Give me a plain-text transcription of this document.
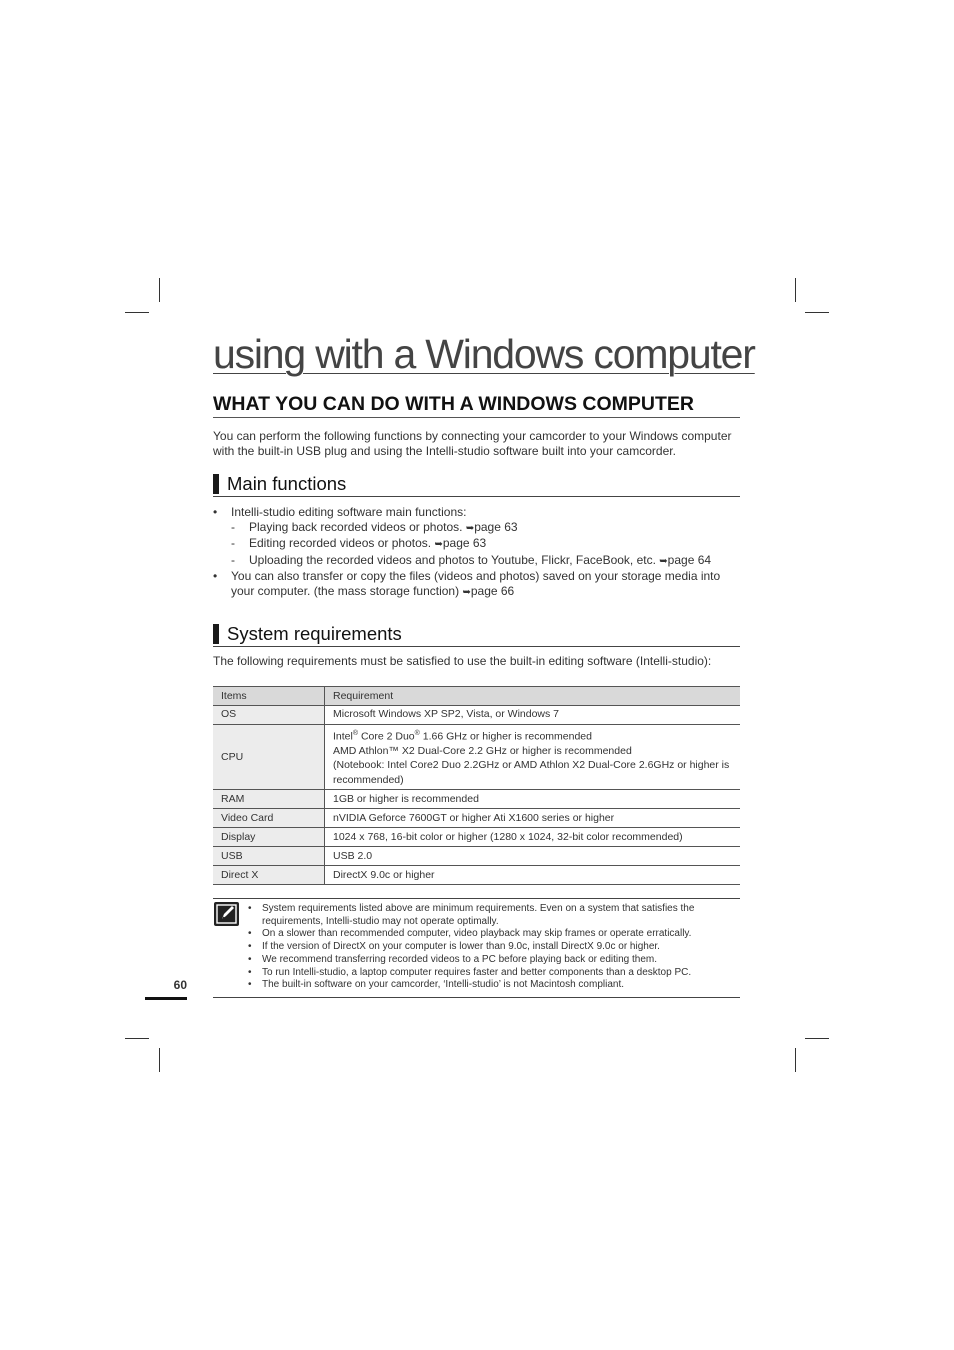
using with a Windows computer
WHAT YOU CAN DO WITH A WINDOWS COMPUTER

You can perform the following functions by connecting your camcorder to your Windows computer with the built-in USB plug and using the Intelli-studio software built into your camcorder.

Main functions
• Intelli-studio editing software main functions:
- Playing back recorded videos or photos. ➥page 63
- Editing recorded videos or photos. ➥page 63
- Uploading the recorded videos and photos to Youtube, Flickr, FaceBook, etc. ➥page 64
• You can also transfer or copy the files (videos and photos) saved on your storage media into your computer. (the mass storage function) ➥page 66
System requirements

The following requirements must be satisfied to use the built-in editing software (Intelli-studio):

Items	Requirement
OS	Microsoft Windows XP SP2, Vista, or Windows 7
CPU	Intel® Core 2 Duo® 1.66 GHz or higher is recommended
AMD Athlon™ X2 Dual-Core 2.2 GHz or higher is recommended
(Notebook: Intel Core2 Duo 2.2GHz or AMD Athlon X2 Dual-Core 2.6GHz or higher is recommended)

RAM	1GB or higher is recommended
Video Card	nVIDIA Geforce 7600GT or higher Ati X1600 series or higher
Display	1024 x 768, 16-bit color or higher (1280 x 1024, 32-bit color recommended)
USB	USB 2.0
Direct X	DirectX 9.0c or higher
• System requirements listed above are minimum requirements. Even on a system that satisfies the requirements, Intelli-studio may not operate optimally.
• On a slower than recommended computer, video playback may skip frames or operate erratically.
• If the version of DirectX on your computer is lower than 9.0c, install DirectX 9.0c or higher.
• We recommend transferring recorded videos to a PC before playing back or editing them.
• To run Intelli-studio, a laptop computer requires faster and better components than a desktop PC.
• The built-in software on your camcorder, ‘Intelli-studio’ is not Macintosh compliant.
60
